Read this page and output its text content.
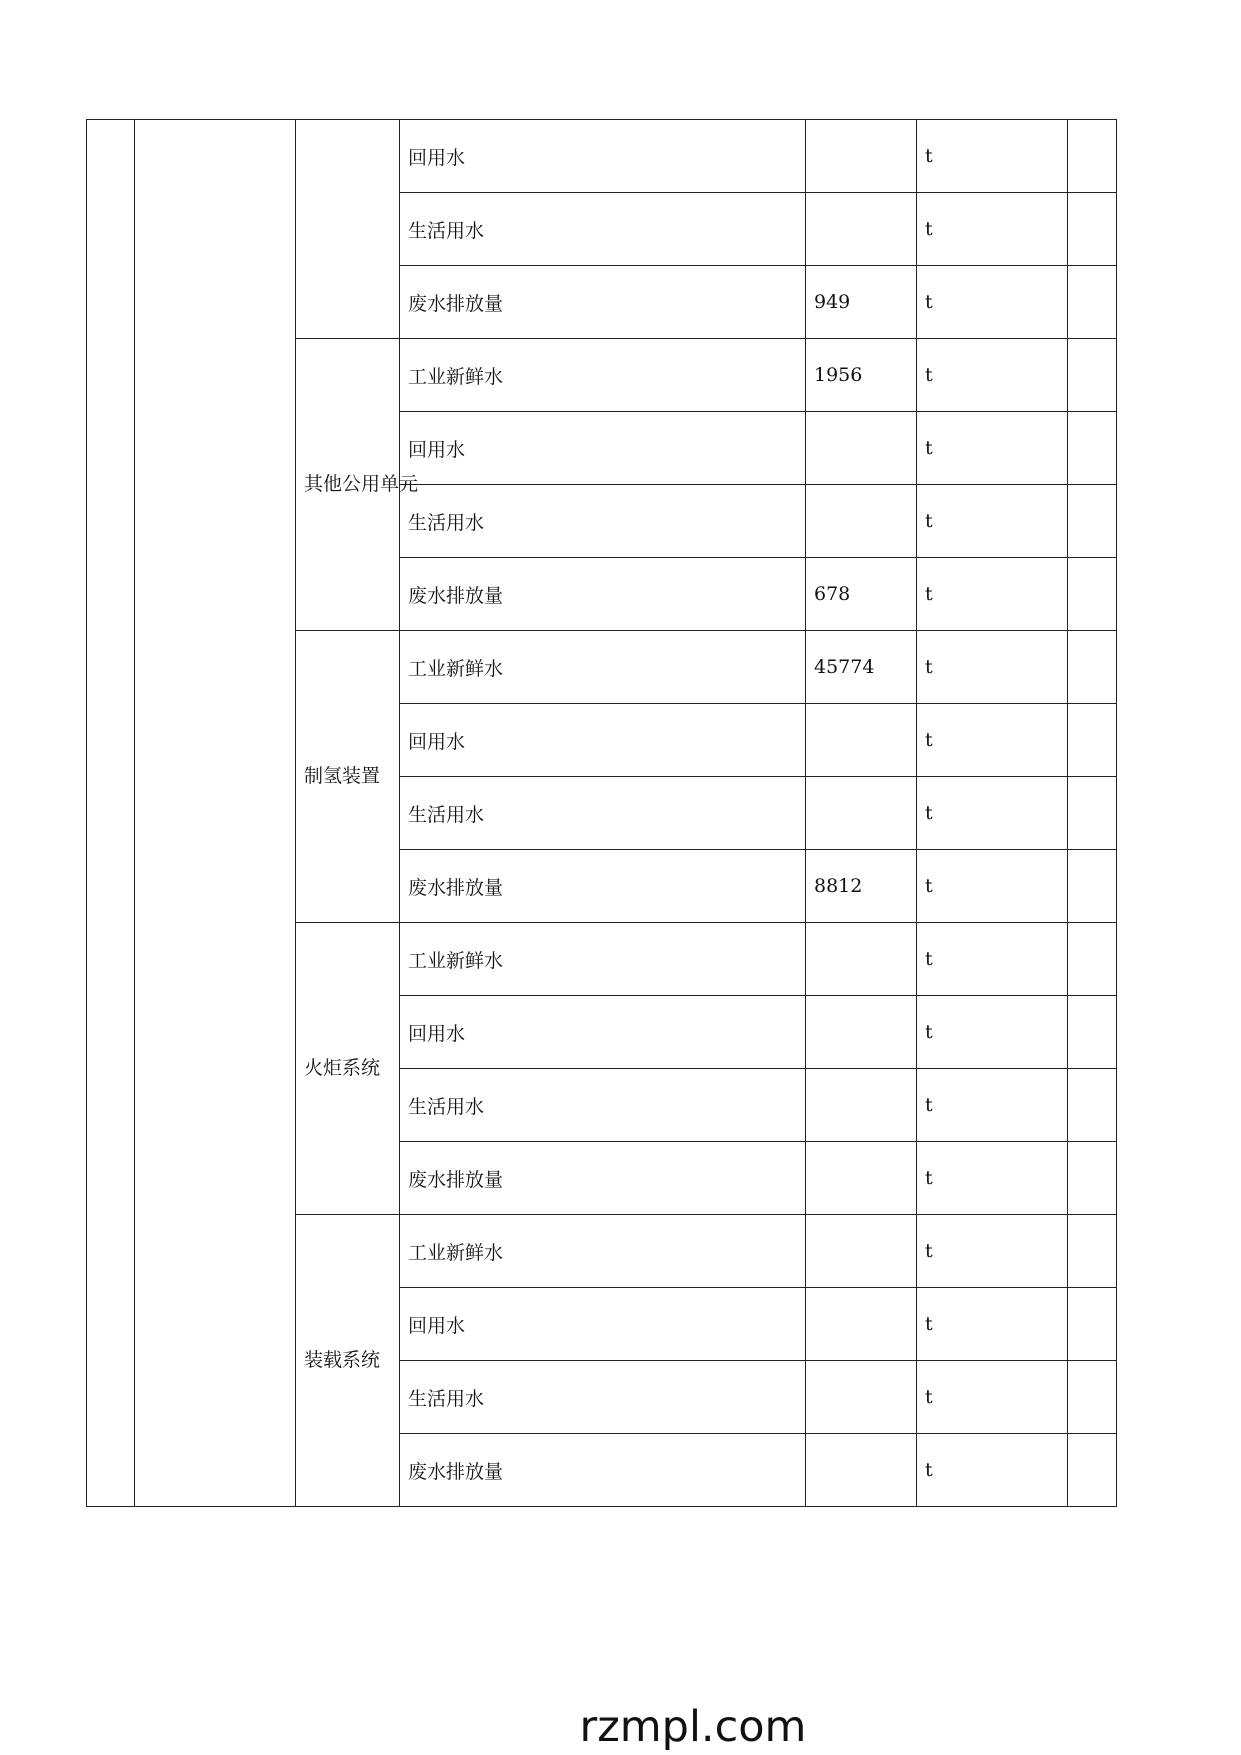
			回用水		t	
			生活用水		t	
			废水排放量	949	t	
		其他公用单元	工业新鲜水	1956	t	
			回用水		t	
			生活用水		t	
			废水排放量	678	t	
		制氢装置	工业新鲜水	45774	t	
			回用水		t	
			生活用水		t	
			废水排放量	8812	t	
		火炬系统	工业新鲜水		t	
			回用水		t	
			生活用水		t	
			废水排放量		t	
		装载系统	工业新鲜水		t	
			回用水		t	
			生活用水		t	
			废水排放量		t	
rzmpl.com
